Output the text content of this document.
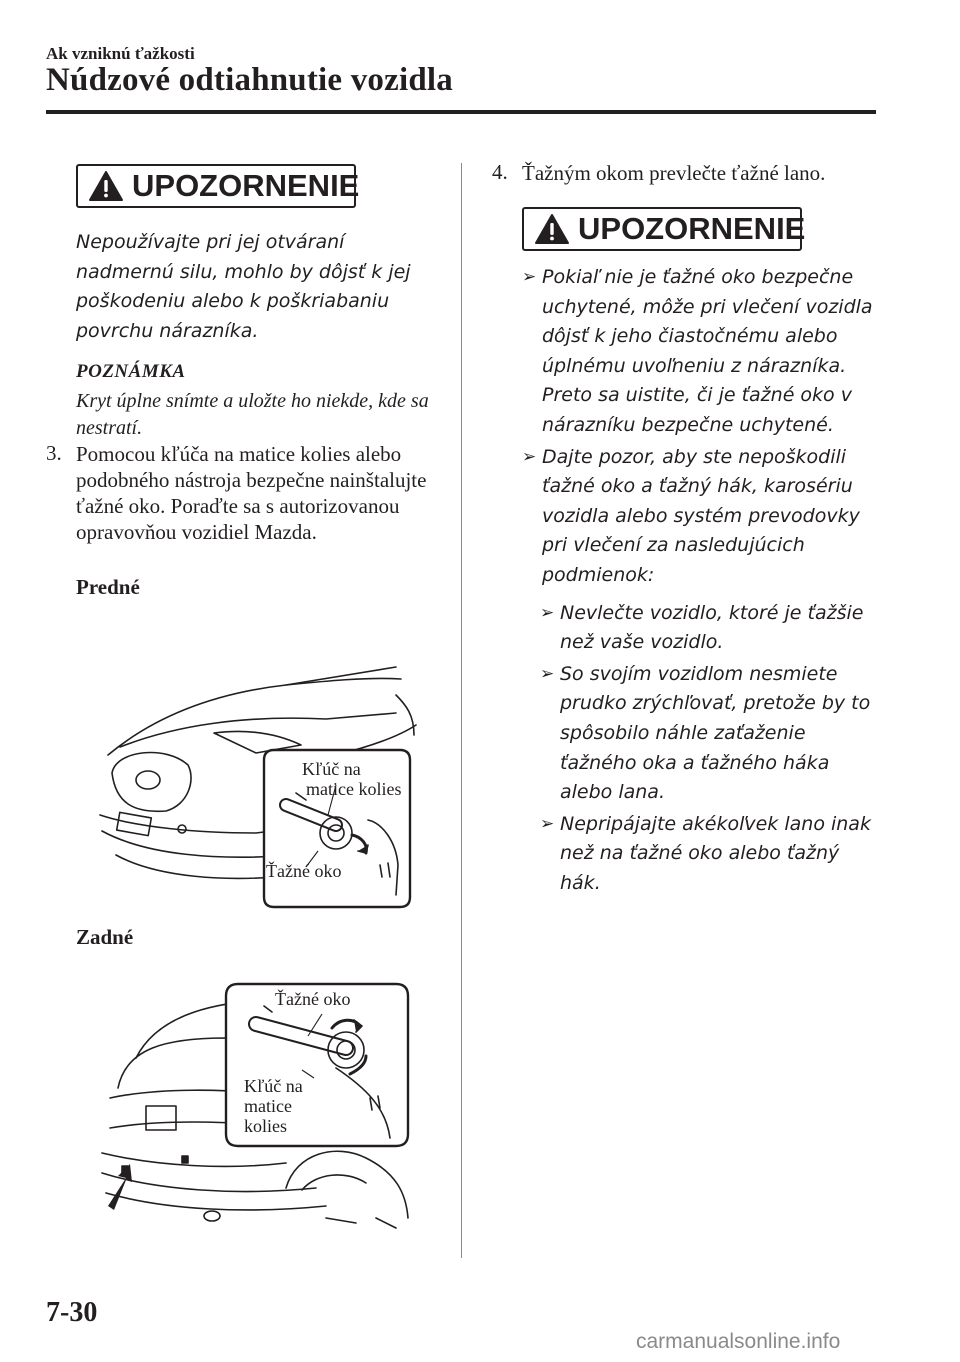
Ak vzniknú ťažkosti
Núdzové odtiahnutie vozidla
UPOZORNENIE
Nepoužívajte pri jej otváraní nadmernú silu, mohlo by dôjsť k jej poškodeniu alebo k poškriabaniu povrchu nárazníka.
POZNÁMKA
Kryt úplne snímte a uložte ho niekde, kde sa nestratí.
3. Pomocou kľúča na matice kolies alebo podobného nástroja bezpečne nainštalujte ťažné oko. Poraďte sa s autorizovanou opravovňou vozidiel Mazda.
Predné
Kľúč na
matice kolies
Ťažné oko
Zadné
Ťažné oko
Kľúč na
matice
kolies
4. Ťažným okom prevlečte ťažné lano.
UPOZORNENIE
➢ Pokiaľ nie je ťažné oko bezpečne uchytené, môže pri vlečení vozidla dôjsť k jeho čiastočnému alebo úplnému uvoľneniu z nárazníka. Preto sa uistite, či je ťažné oko v nárazníku bezpečne uchytené.
➢ Dajte pozor, aby ste nepoškodili ťažné oko a ťažný hák, karosériu vozidla alebo systém prevodovky pri vlečení za nasledujúcich podmienok:
➢ Nevlečte vozidlo, ktoré je ťažšie než vaše vozidlo.
➢ So svojím vozidlom nesmiete prudko zrýchľovať, pretože by to spôsobilo náhle zaťaženie ťažného oka a ťažného háka alebo lana.
➢ Nepripájajte akékoľvek lano inak než na ťažné oko alebo ťažný hák.
7-30
carmanualsonline.info
